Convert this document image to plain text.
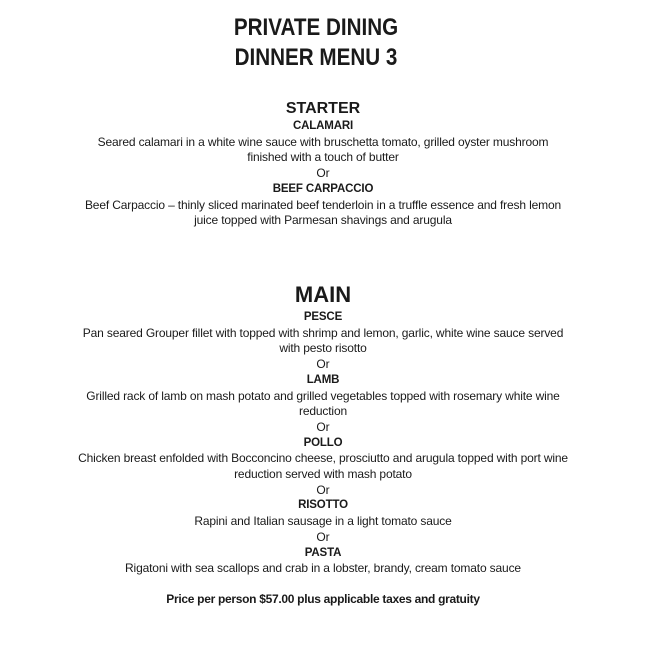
PRIVATE DINING
DINNER MENU 3
STARTER
CALAMARI
Seared calamari in a white wine sauce with bruschetta tomato, grilled oyster mushroom
finished with a touch of butter
Or
BEEF CARPACCIO
Beef Carpaccio – thinly sliced marinated beef tenderloin in a truffle essence and fresh lemon
juice topped with Parmesan shavings and arugula
MAIN
PESCE
Pan seared Grouper fillet with topped with shrimp and lemon, garlic, white wine sauce served
with pesto risotto
Or
LAMB
Grilled rack of lamb on mash potato and grilled vegetables topped with rosemary white wine
reduction
Or
POLLO
Chicken breast enfolded with Bocconcino cheese, prosciutto and arugula topped with port wine
reduction served with mash potato
Or
RISOTTO
Rapini and Italian sausage in a light tomato sauce
Or
PASTA
Rigatoni with sea scallops and crab in a lobster, brandy, cream tomato sauce
Price per person $57.00 plus applicable taxes and gratuity
